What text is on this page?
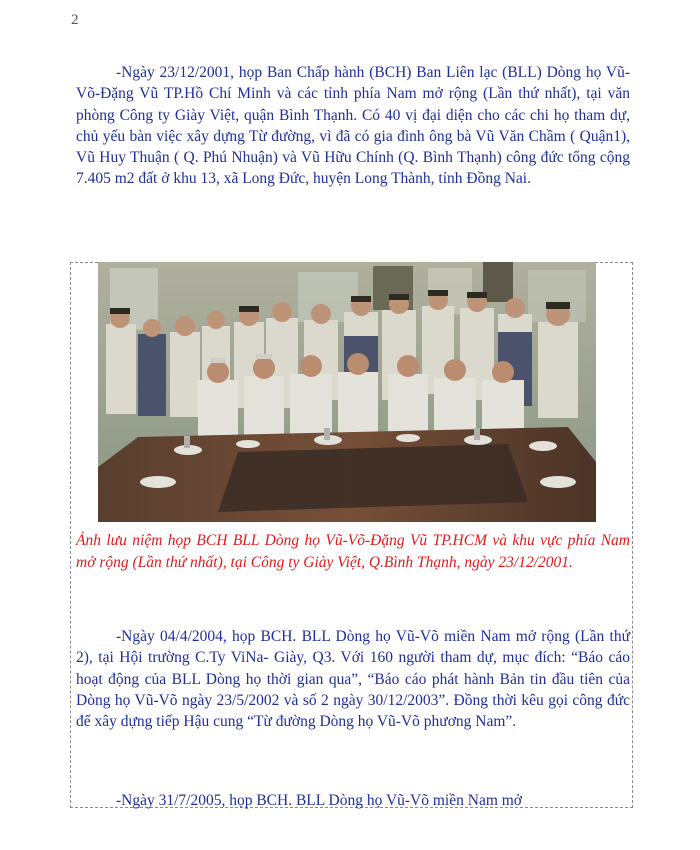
2

-Ngày 23/12/2001, họp Ban Chấp hành (BCH) Ban Liên lạc (BLL) Dòng họ Vũ-Võ-Đặng Vũ TP.Hồ Chí Minh và các tỉnh phía Nam mở rộng (Lần thứ nhất), tại văn phòng Công ty Giày Việt, quận Bình Thạnh. Có 40 vị đại diện cho các chi họ tham dự, chủ yếu bàn việc xây dựng Từ đường, vì đã có gia đình ông bà Vũ Văn Chầm ( Quận1), Vũ Huy Thuận ( Q. Phú Nhuận) và Vũ Hữu Chính (Q. Bình Thạnh) công đức tổng cộng 7.405 m2 đất ở khu 13, xã Long Đức, huyện Long Thành, tỉnh Đồng Nai.

Ảnh lưu niệm họp BCH BLL Dòng họ Vũ-Võ-Đặng Vũ TP.HCM và khu vực phía Nam mở rộng (Lần thứ nhất), tại Công ty Giày Việt, Q.Bình Thạnh, ngày 23/12/2001.

-Ngày 04/4/2004, họp BCH. BLL Dòng họ Vũ-Võ miền Nam mở rộng (Lần thứ 2), tại Hội trường C.Ty ViNa- Giày, Q3. Với 160 người tham dự, mục đích: “Báo cáo hoạt động của BLL Dòng họ thời gian qua”, “Báo cáo phát hành Bản tin đầu tiên của Dòng họ Vũ-Võ ngày 23/5/2002 và số 2 ngày 30/12/2003”. Đồng thời kêu gọi công đức để xây dựng tiếp Hậu cung “Từ đường Dòng họ Vũ-Võ phương Nam”.

-Ngày 31/7/2005, họp BCH. BLL Dòng họ Vũ-Võ miền Nam mở
